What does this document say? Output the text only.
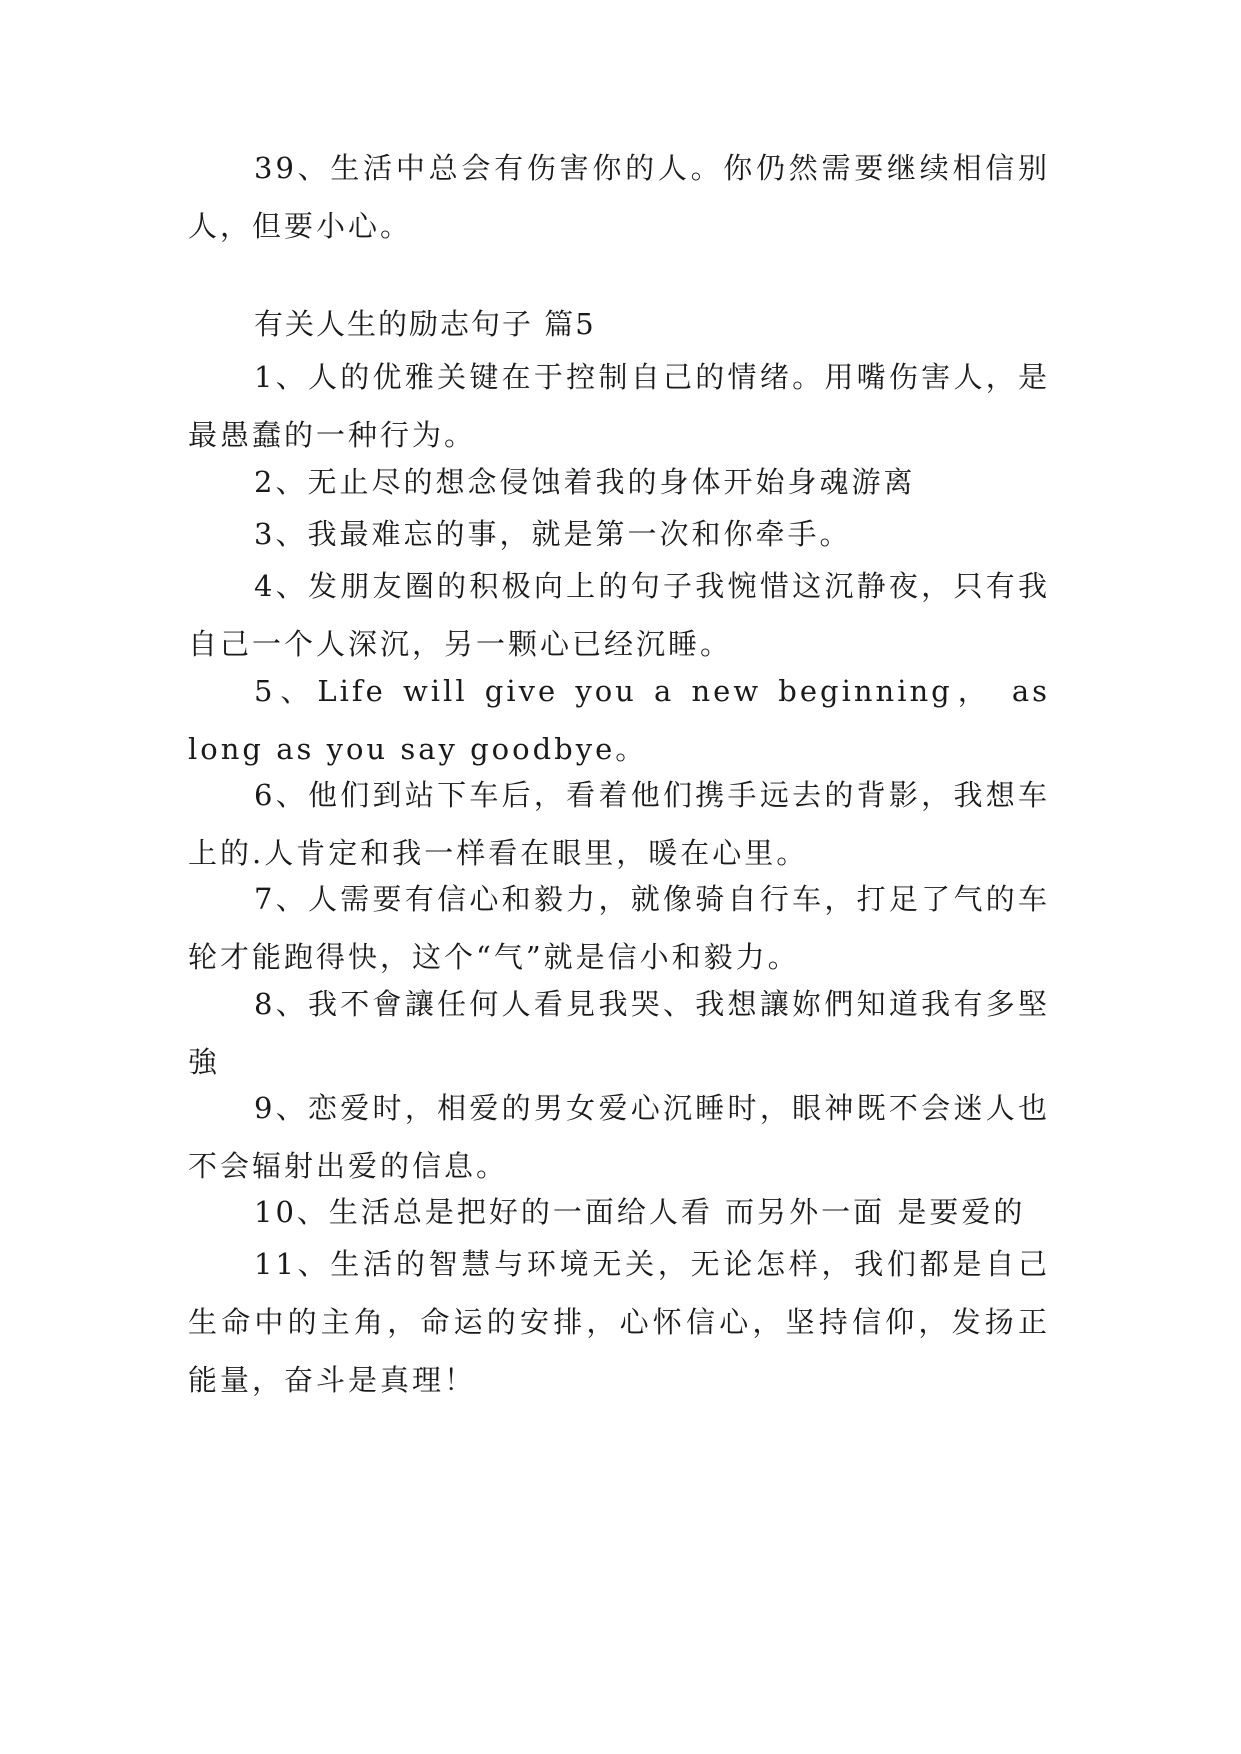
39、生活中总会有伤害你的人。你仍然需要继续相信别人，但要小心。

有关人生的励志句子 篇5

1、人的优雅关键在于控制自己的情绪。用嘴伤害人，是最愚蠢的一种行为。

2、无止尽的想念侵蚀着我的身体开始身魂游离

3、我最难忘的事，就是第一次和你牵手。

4、发朋友圈的积极向上的句子我惋惜这沉静夜，只有我自己一个人深沉，另一颗心已经沉睡。

5、Life will give you a new beginning， as long as you say goodbye。

6、他们到站下车后，看着他们携手远去的背影，我想车上的.人肯定和我一样看在眼里，暖在心里。

7、人需要有信心和毅力，就像骑自行车，打足了气的车轮才能跑得快，这个“气”就是信小和毅力。

8、我不會讓任何人看見我哭、我想讓妳們知道我有多堅強

9、恋爱时，相爱的男女爱心沉睡时，眼神既不会迷人也不会辐射出爱的信息。

10、生活总是把好的一面给人看 而另外一面 是要爱的

11、生活的智慧与环境无关，无论怎样，我们都是自己生命中的主角，命运的安排，心怀信心，坚持信仰，发扬正能量，奋斗是真理！
